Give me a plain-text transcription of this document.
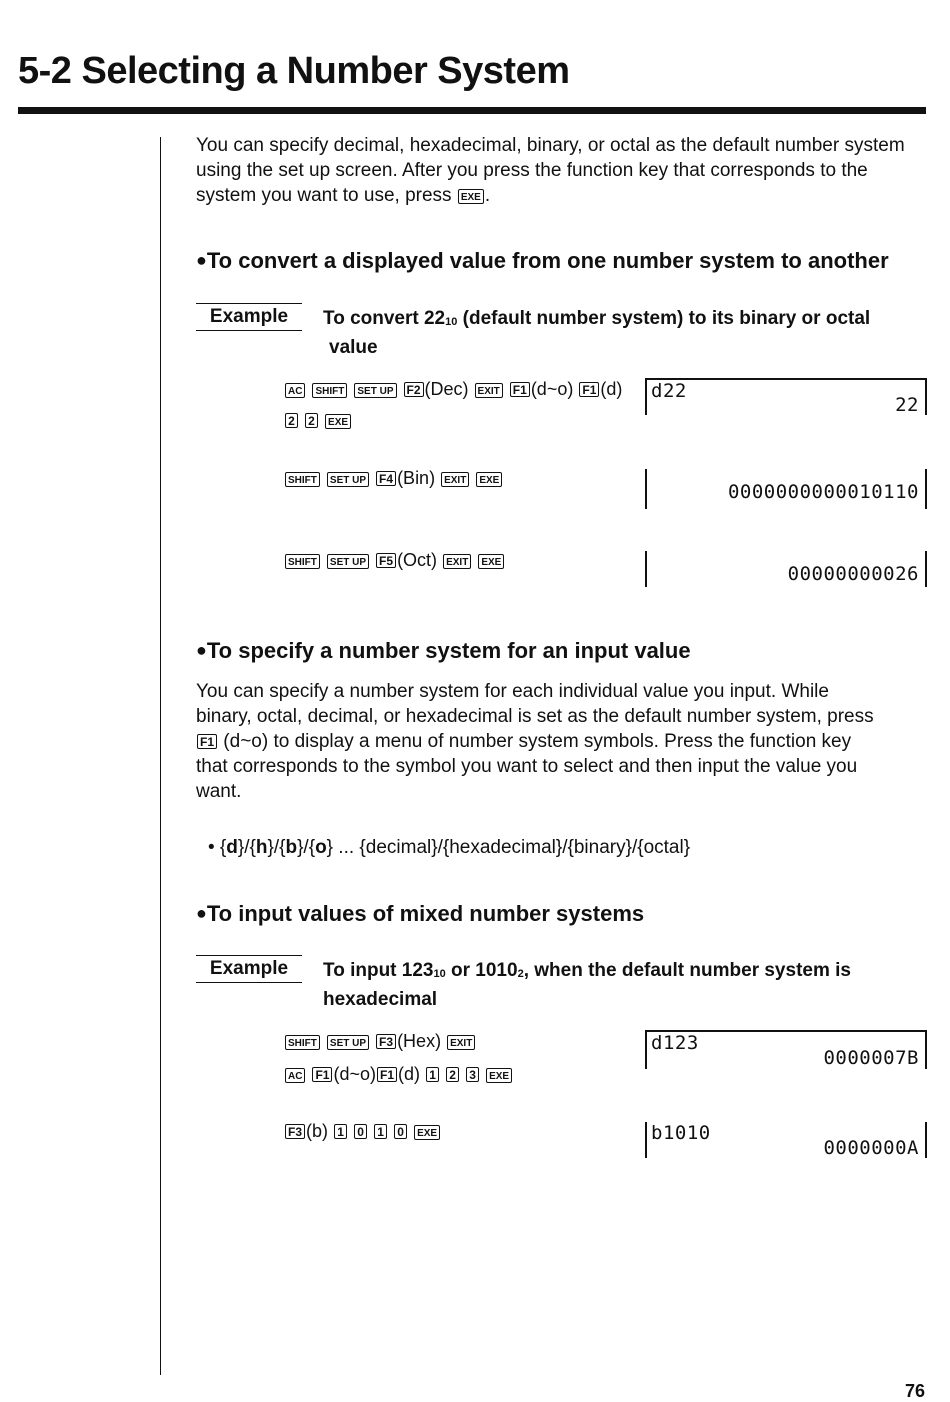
5-2 Selecting a Number System
You can specify decimal, hexadecimal, binary, or octal as the default number system
using the set up screen. After you press the function key that corresponds to the
system you want to use, press EXE .
●To convert a displayed value from one number system to another
Example	To convert $22_{10}$ (default number system) to its binary or octal
value
AC SHIFT SET UP F2 (Dec) EXIT F1 (d~o) F1 (d)
2 2 EXE
d22
22
SHIFT SET UP F4 (Bin) EXIT EXE
0000000000010110
SHIFT SET UP F5 (Oct) EXIT EXE
00000000026
●To specify a number system for an input value
You can specify a number system for each individual value you input. While
binary, octal, decimal, or hexadecimal is set as the default number system, press
F1 (d~o) to display a menu of number system symbols. Press the function key
that corresponds to the symbol you want to select and then input the value you
want.
• {d}/{h}/{b}/{o} ... {decimal}/{hexadecimal}/{binary}/{octal}
●To input values of mixed number systems
Example	To input $123_{10}$ or $1010_2$, when the default number system is
hexadecimal
SHIFT SET UP F3 (Hex) EXIT
AC F1 (d~o) F1 (d) 1 2 3 EXE
d123
0000007B
F3 (b) 1 0 1 0 EXE	b1010
0000000A
76
